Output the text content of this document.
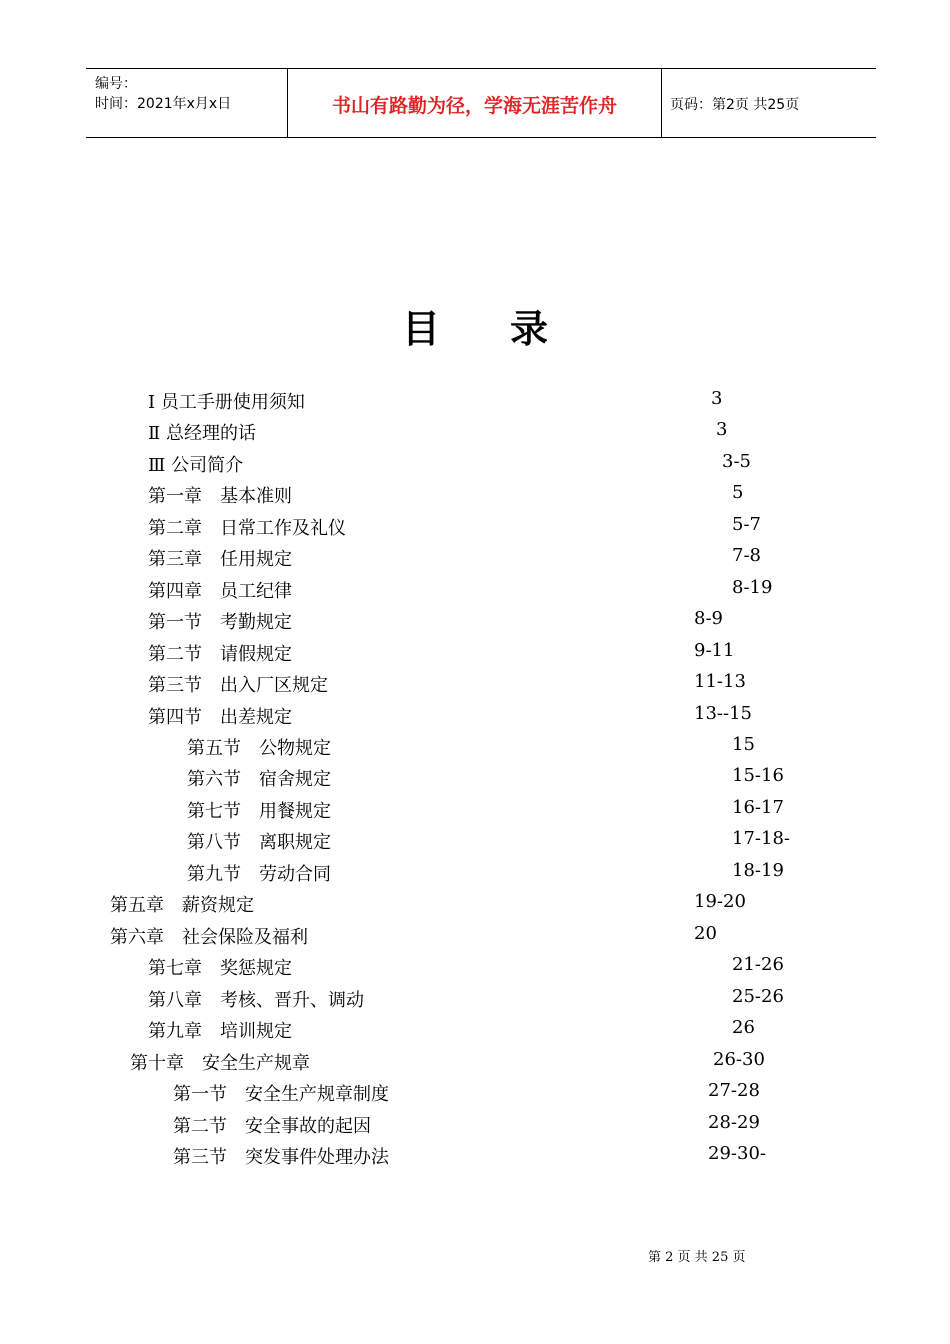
编号：
时间：2021年x月x日	书山有路勤为径，学海无涯苦作舟	页码：第2页 共25页
目 录
Ⅰ 员工手册使用须知	3
Ⅱ 总经理的话	3
Ⅲ 公司简介	3-5
第一章　基本准则	5
第二章　日常工作及礼仪	5-7
第三章　任用规定	7-8
第四章　员工纪律	8-19
第一节　考勤规定	8-9
第二节　请假规定	9-11
第三节　出入厂区规定	11-13
第四节　出差规定	13--15
第五节　公物规定	15
第六节　宿舍规定	15-16
第七节　用餐规定	16-17
第八节　离职规定	17-18-
第九节　劳动合同	18-19
第五章　薪资规定	19-20
第六章　社会保险及福利	20
第七章　奖惩规定	21-26
第八章　考核、晋升、调动	25-26
第九章　培训规定	26
第十章　安全生产规章	26-30
第一节　安全生产规章制度	27-28
第二节　安全事故的起因	28-29
第三节　突发事件处理办法	29-30-
第 2 页 共 25 页
